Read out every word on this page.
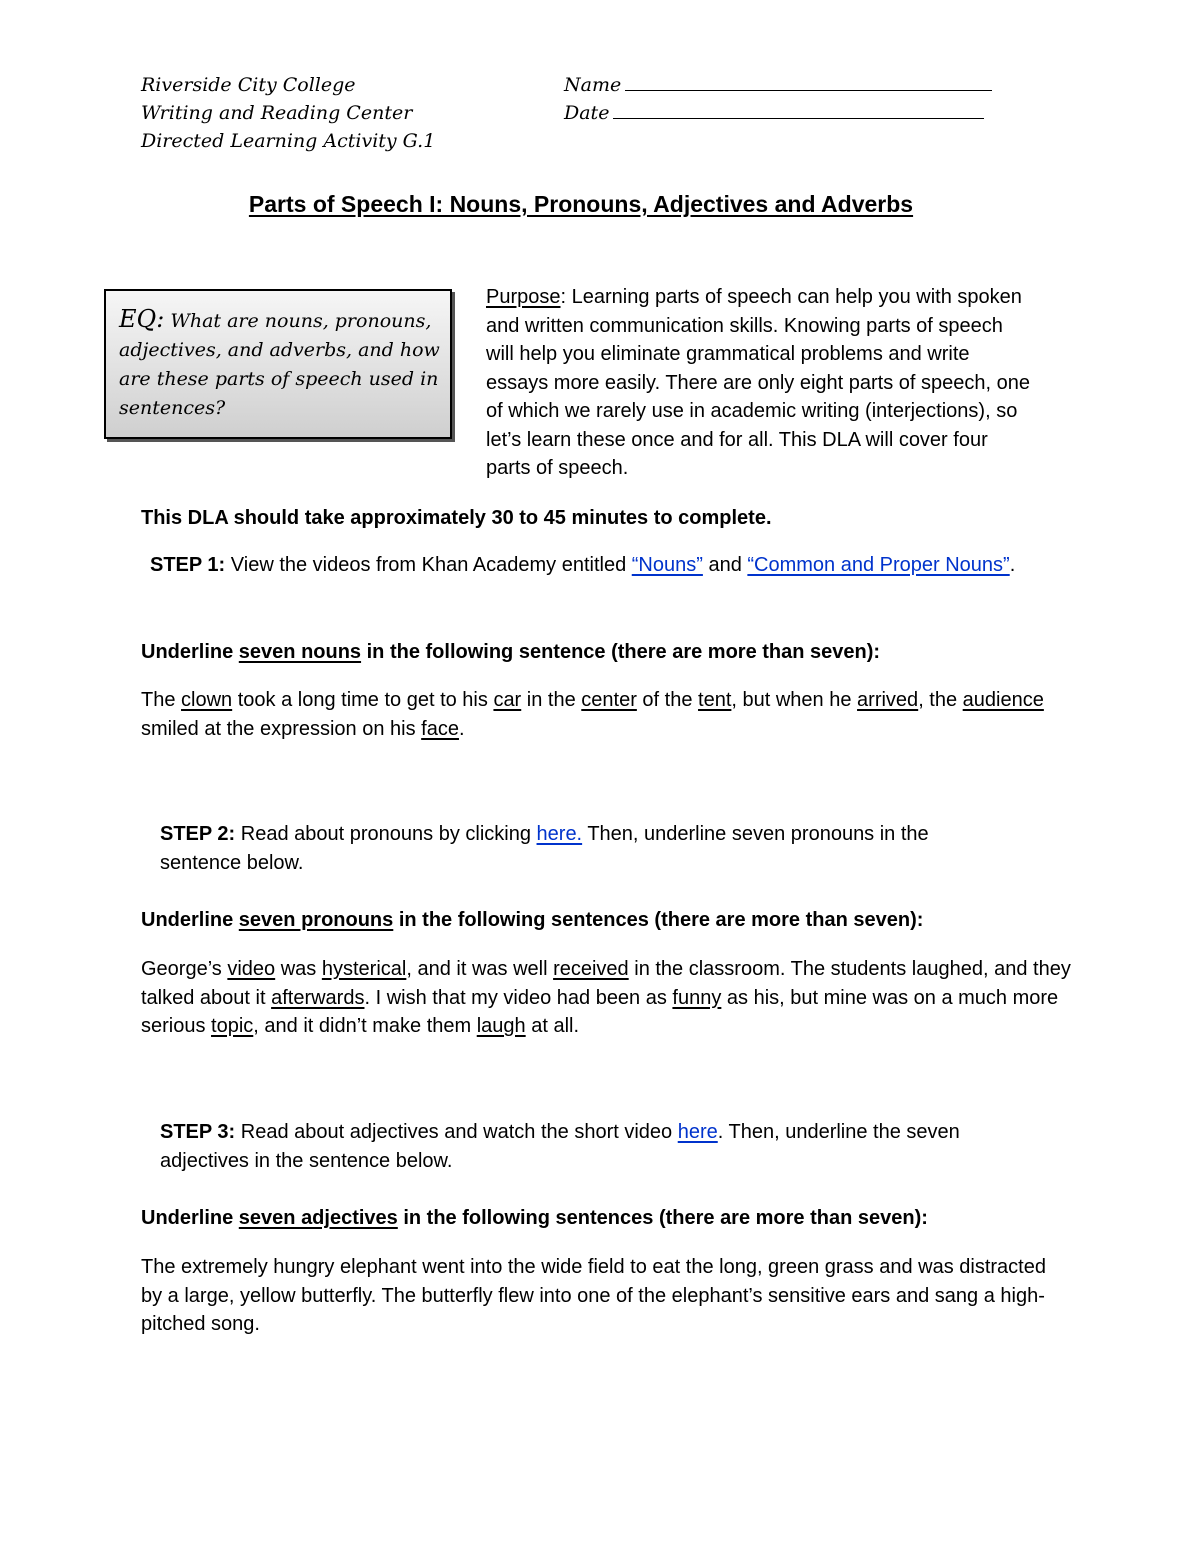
Riverside City College
Writing and Reading Center
Directed Learning Activity G.1
Name
Date
Parts of Speech I: Nouns, Pronouns, Adjectives and Adverbs
EQ: What are nouns, pronouns, adjectives, and adverbs, and how are these parts of speech used in sentences?
Purpose: Learning parts of speech can help you with spoken and written communication skills. Knowing parts of speech will help you eliminate grammatical problems and write essays more easily. There are only eight parts of speech, one of which we rarely use in academic writing (interjections), so let’s learn these once and for all. This DLA will cover four parts of speech.
This DLA should take approximately 30 to 45 minutes to complete.
STEP 1: View the videos from Khan Academy entitled “Nouns” and “Common and Proper Nouns”.
Underline seven nouns in the following sentence (there are more than seven):
The clown took a long time to get to his car in the center of the tent, but when he arrived, the audience smiled at the expression on his face.
STEP 2: Read about pronouns by clicking here. Then, underline seven pronouns in the sentence below.
Underline seven pronouns in the following sentences (there are more than seven):
George’s video was hysterical, and it was well received in the classroom. The students laughed, and they talked about it afterwards. I wish that my video had been as funny as his, but mine was on a much more serious topic, and it didn’t make them laugh at all.
STEP 3: Read about adjectives and watch the short video here. Then, underline the seven adjectives in the sentence below.
Underline seven adjectives in the following sentences (there are more than seven):
The extremely hungry elephant went into the wide field to eat the long, green grass and was distracted by a large, yellow butterfly. The butterfly flew into one of the elephant’s sensitive ears and sang a high-pitched song.
